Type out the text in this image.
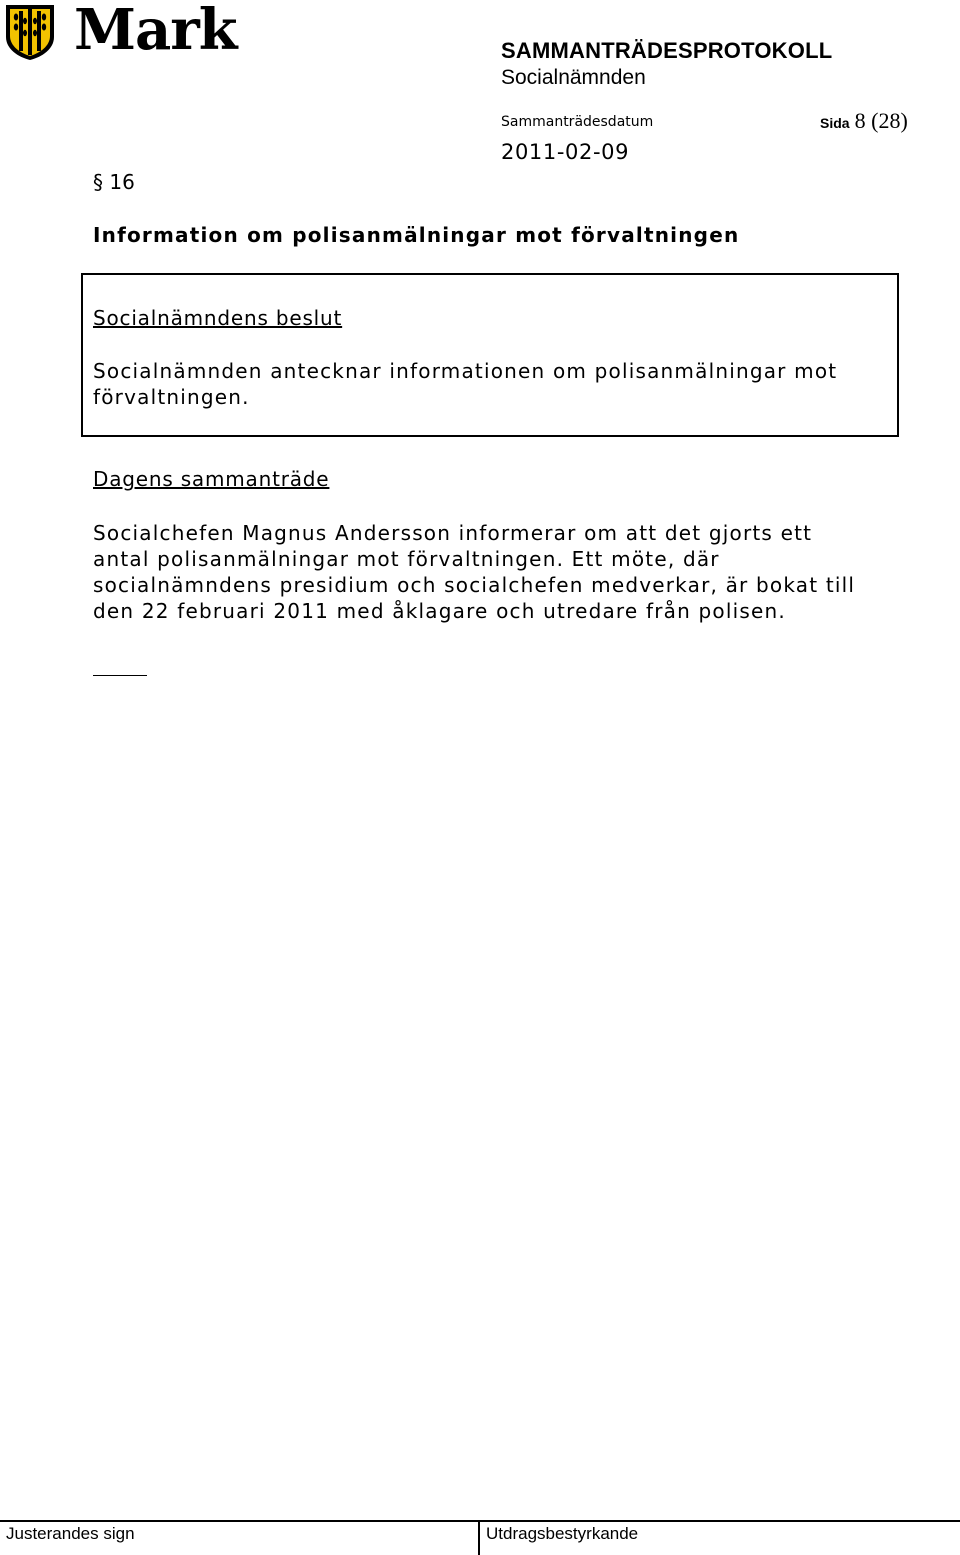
Mark	SAMMANTRÄDESPROTOKOLL
Socialnämnden
Sammanträdesdatum	Sida 8 (28)
2011-02-09
§ 16
Information om polisanmälningar mot förvaltningen
Socialnämndens beslut
Socialnämnden antecknar informationen om polisanmälningar mot
förvaltningen.
Dagens sammanträde
Socialchefen Magnus Andersson informerar om att det gjorts ett
antal polisanmälningar mot förvaltningen. Ett möte, där
socialnämndens presidium och socialchefen medverkar, är bokat till
den 22 februari 2011 med åklagare och utredare från polisen.
Justerandes sign	Utdragsbestyrkande
